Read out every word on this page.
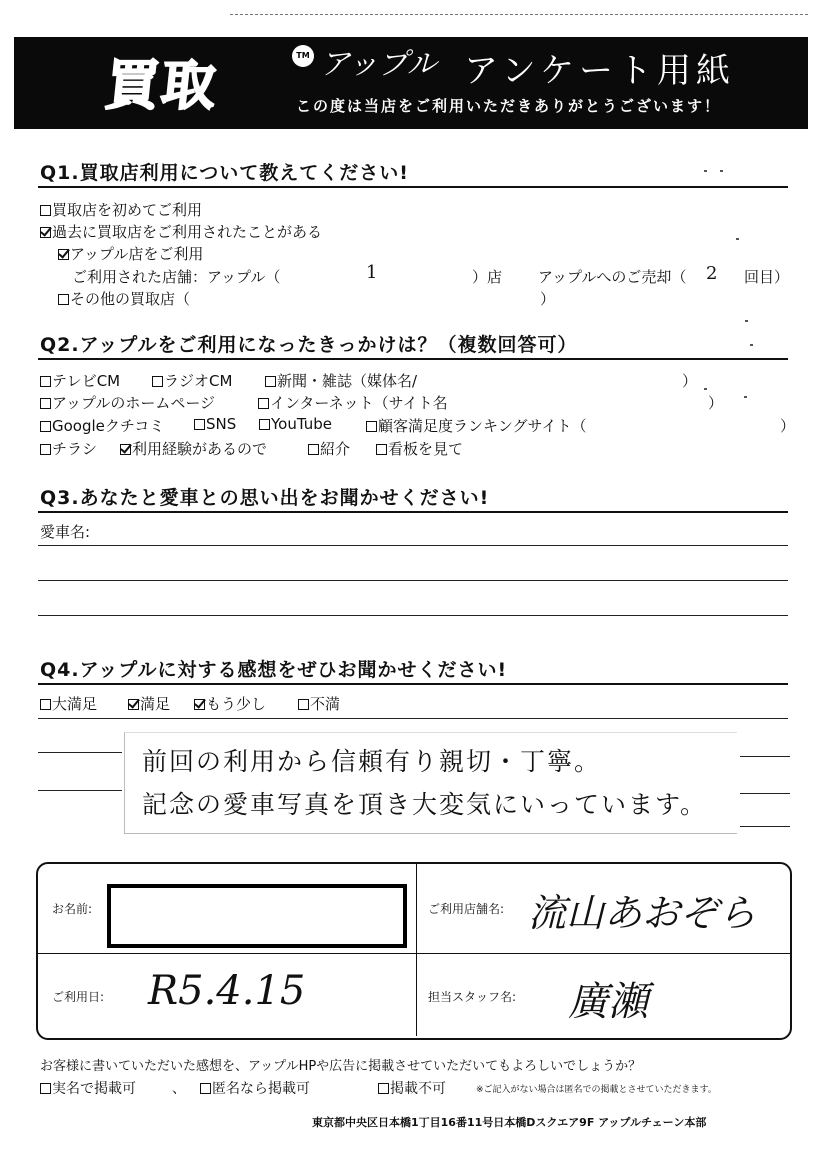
買取	TM アップル アンケート用紙
この度は当店をご利用いただきありがとうございます！
Q1.買取店利用について教えてください!
買取店を初めてご利用
過去に買取店をご利用されたことがある
アップル店をご利用
ご利用された店舗：アップル（	1	）店 アップルへのご売却（ 2 回目）
その他の買取店（	）
Q2.アップルをご利用になったきっかけは？（複数回答可）
テレビCM	ラジオCM	新聞・雑誌（媒体名/	）
アップルのホームページ	インターネット（サイト名	）
Googleクチコミ	SNS	YouTube	顧客満足度ランキングサイト（	）
チラシ	利用経験があるので	紹介	看板を見て
Q3.あなたと愛車との思い出をお聞かせください!
愛車名:
Q4.アップルに対する感想をぜひお聞かせください!
大満足	満足	もう少し	不満
前回の利用から信頼有り親切・丁寧。
記念の愛車写真を頂き大変気にいっています。
お名前:	ご利用店舗名: 流山あおぞら
ご利用日: R5.4.15	担当スタッフ名: 廣瀬
お客様に書いていただいた感想を、アップルHPや広告に掲載させていただいてもよろしいでしょうか？
実名で掲載可	、	匿名なら掲載可	掲載不可	※ご記入がない場合は匿名での掲載とさせていただきます。
東京都中央区日本橋1丁目16番11号日本橋Dスクエア9F アップルチェーン本部
